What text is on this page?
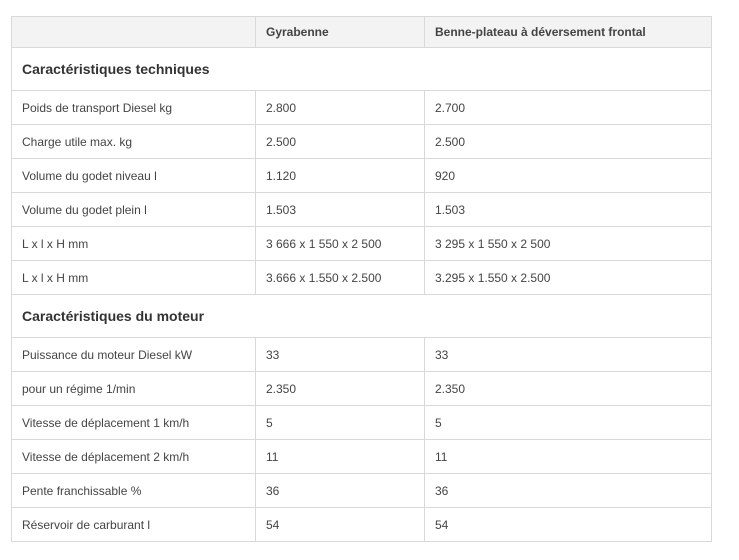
	Gyrabenne	Benne-plateau à déversement frontal
Caractéristiques techniques		
Poids de transport Diesel kg	2.800	2.700
Charge utile max. kg	2.500	2.500
Volume du godet niveau l	1.120	920
Volume du godet plein l	1.503	1.503
L x l x H mm	3 666 x 1 550 x 2 500	3 295 x 1 550 x 2 500
L x l x H mm	3.666 x 1.550 x 2.500	3.295 x 1.550 x 2.500
Caractéristiques du moteur		
Puissance du moteur Diesel kW	33	33
pour un régime 1/min	2.350	2.350
Vitesse de déplacement 1 km/h	5	5
Vitesse de déplacement 2 km/h	11	11
Pente franchissable %	36	36
Réservoir de carburant l	54	54
